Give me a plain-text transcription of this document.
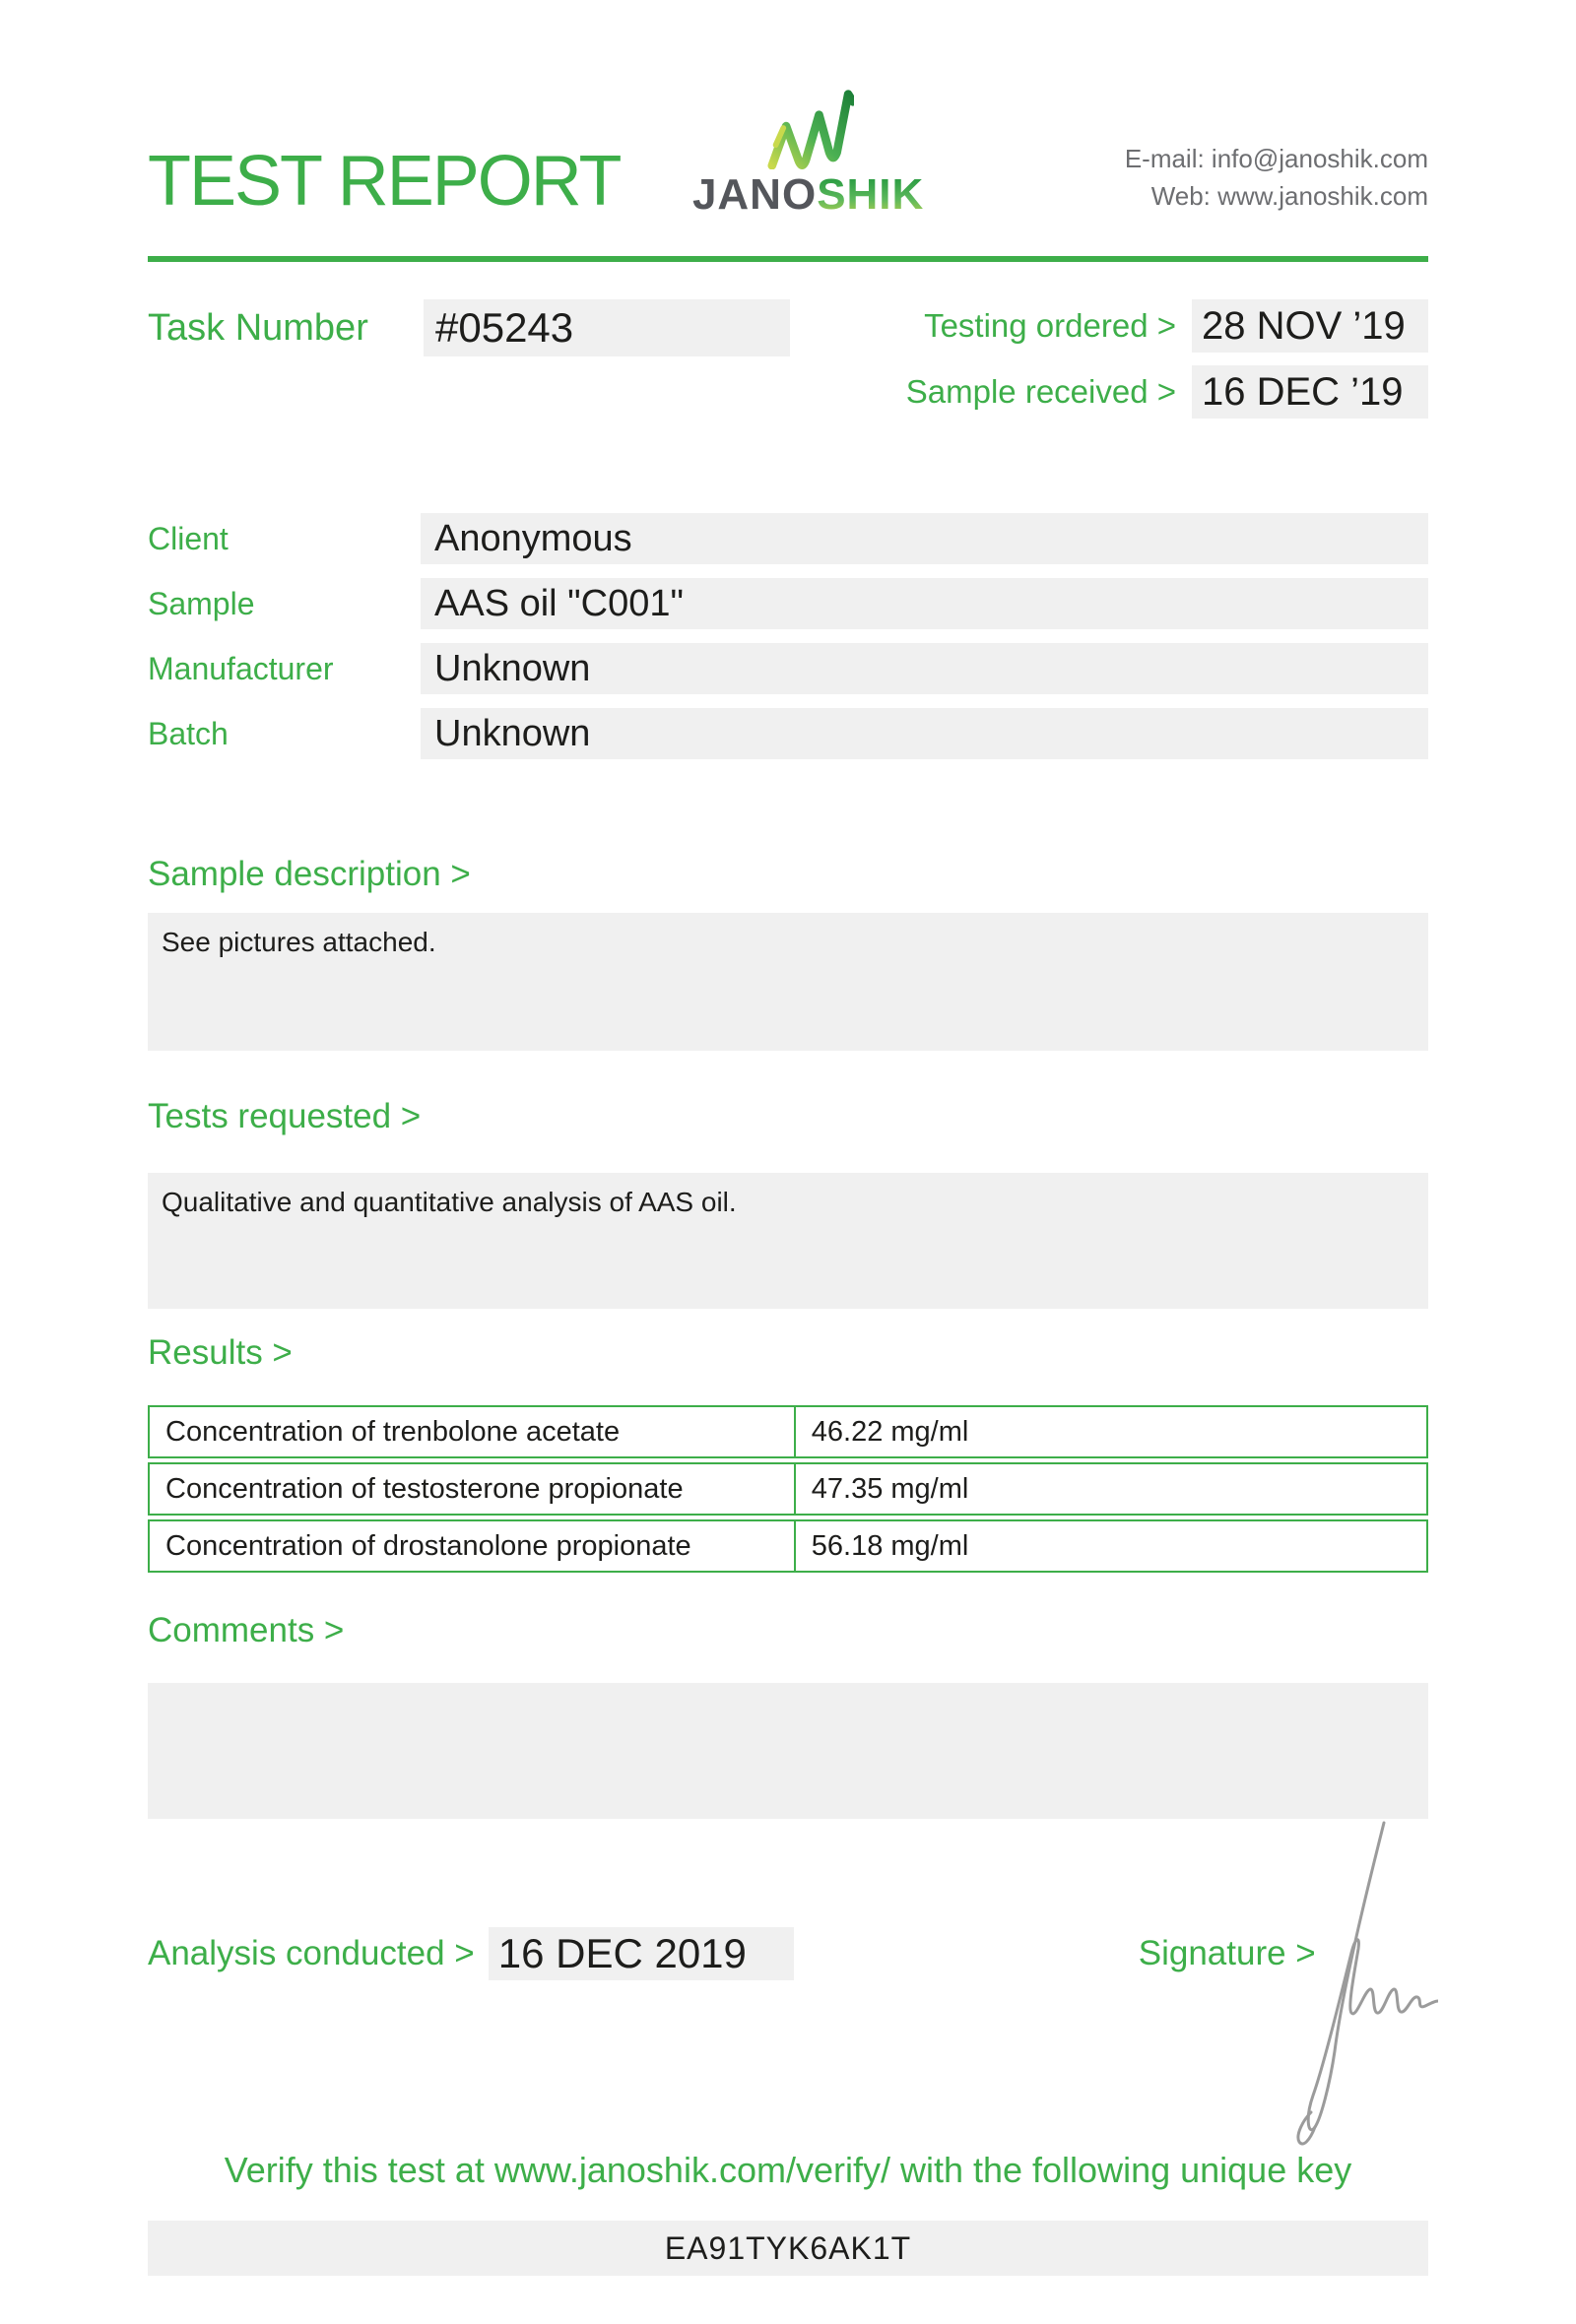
TEST REPORT JANOSHIK
E-mail: info@janoshik.com
Web: www.janoshik.com
Task Number	#05243	Testing ordered > 28 NOV ’19
Sample received > 16 DEC ’19
Client	Anonymous
Sample	AAS oil "C001"
Manufacturer	Unknown
Batch	Unknown
Sample description >
See pictures attached.
Tests requested >
Qualitative and quantitative analysis of AAS oil.
Results >
Concentration of trenbolone acetate	46.22 mg/ml
Concentration of testosterone propionate	47.35 mg/ml
Concentration of drostanolone propionate	56.18 mg/ml
Comments >
Analysis conducted > 16 DEC 2019	Signature >
Verify this test at www.janoshik.com/verify/ with the following unique key
EA91TYK6AK1T
